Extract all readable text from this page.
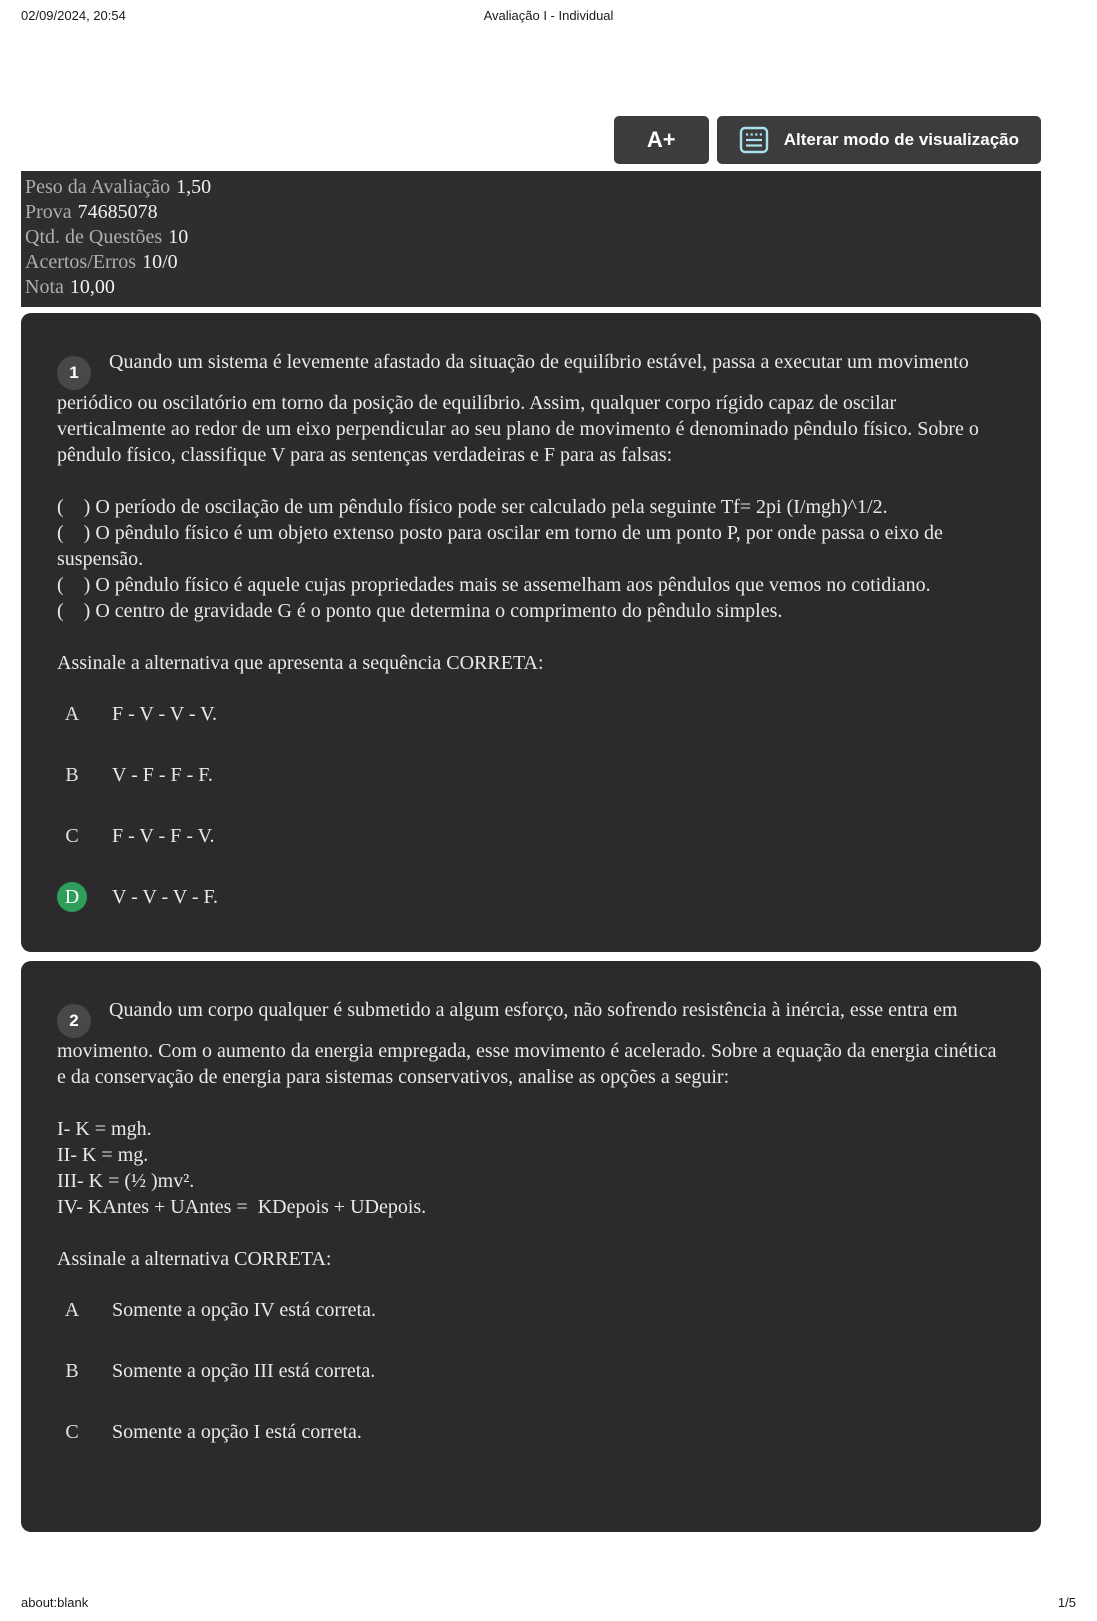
02/09/2024, 20:54	Avaliação I - Individual
A+	Alterar modo de visualização
Peso da Avaliação 1,50
Prova 74685078
Qtd. de Questões 10
Acertos/Erros 10/0
Nota 10,00

1 Quando um sistema é levemente afastado da situação de equilíbrio estável, passa a executar um movimento periódico ou oscilatório em torno da posição de equilíbrio. Assim, qualquer corpo rígido capaz de oscilar verticalmente ao redor de um eixo perpendicular ao seu plano de movimento é denominado pêndulo físico. Sobre o pêndulo físico, classifique V para as sentenças verdadeiras e F para as falsas:

(    ) O período de oscilação de um pêndulo físico pode ser calculado pela seguinte Tf= 2pi (I/mgh)^1/2.

(    ) O pêndulo físico é um objeto extenso posto para oscilar em torno de um ponto P, por onde passa o eixo de suspensão.

(    ) O pêndulo físico é aquele cujas propriedades mais se assemelham aos pêndulos que vemos no cotidiano.

(    ) O centro de gravidade G é o ponto que determina o comprimento do pêndulo simples.

Assinale a alternativa que apresenta a sequência CORRETA:

A	F - V - V - V.
B	V - F - F - F.
C	F - V - F - V.
D	V - V - V - F.

2 Quando um corpo qualquer é submetido a algum esforço, não sofrendo resistência à inércia, esse entra em movimento. Com o aumento da energia empregada, esse movimento é acelerado. Sobre a equação da energia cinética e da conservação de energia para sistemas conservativos, analise as opções a seguir:

I- K = mgh.

II- K = mg.

III- K = (½ )mv².

IV- KAntes + UAntes =  KDepois + UDepois.

Assinale a alternativa CORRETA:

A	Somente a opção IV está correta.
B	Somente a opção III está correta.
C	Somente a opção I está correta.
about:blank	1/5
